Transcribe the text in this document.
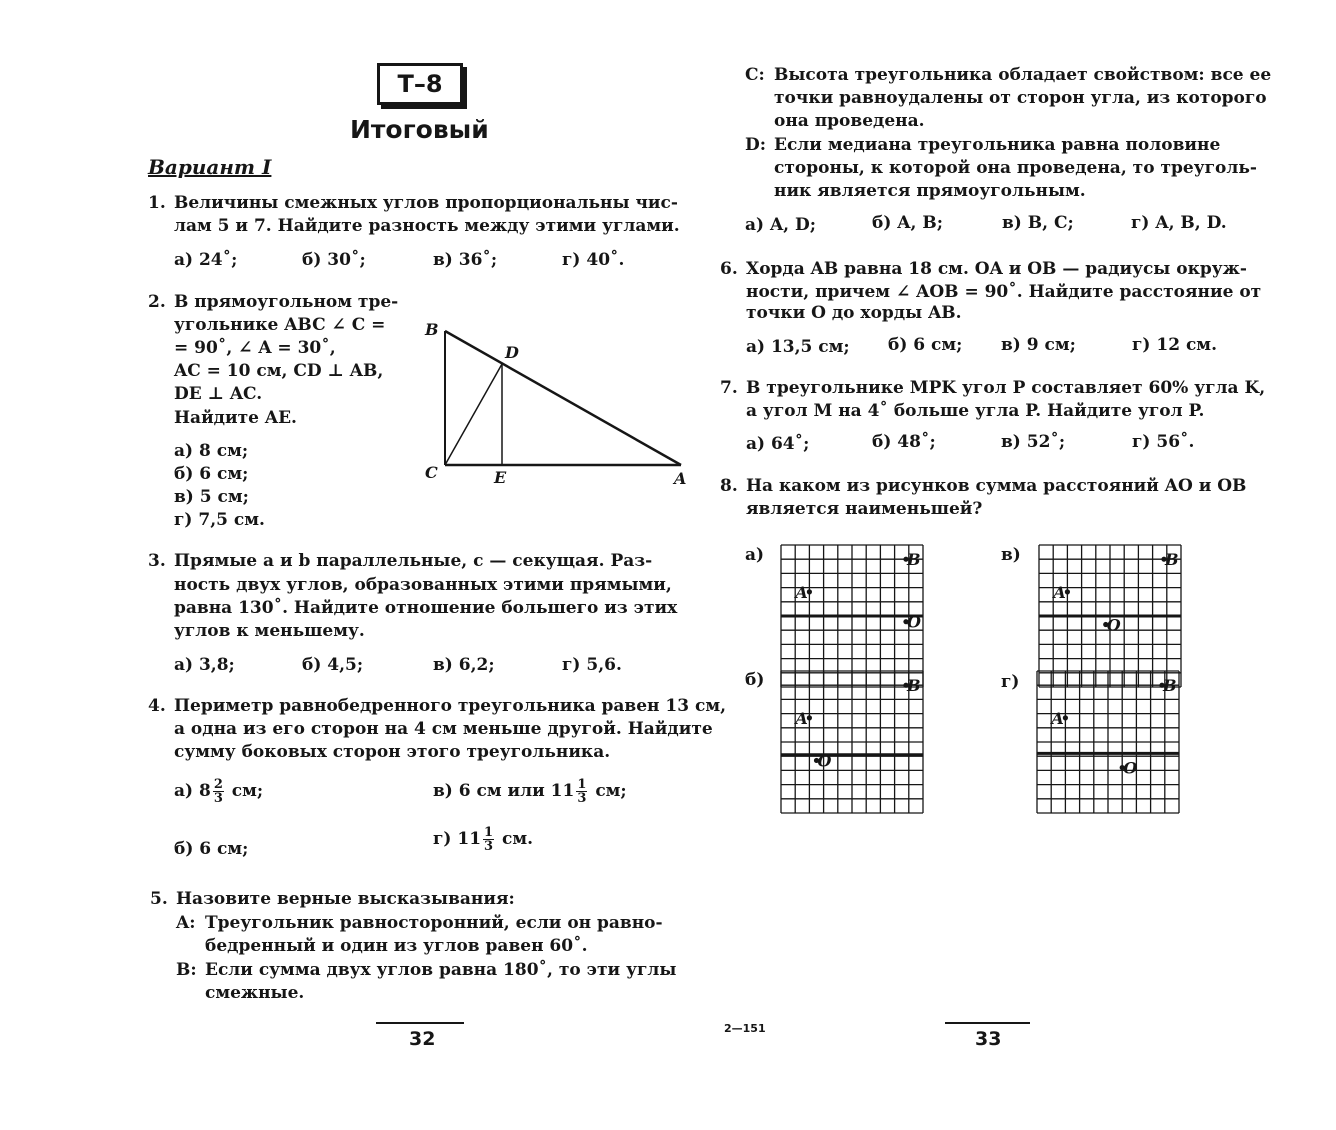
T–8
Итоговый
Вариант I
1. Величины смежных углов пропорциональны чис-
лам 5 и 7. Найдите разность между этими углами.
а) 24˚;	б) 30˚;	в) 36˚;	г) 40˚.
2. В прямоугольном тре-
угольнике ABC ∠ C =
= 90˚, ∠ A = 30˚,
AC = 10 см, CD ⊥ AB,
DE ⊥ AC.
Найдите AE.
а) 8 см;
б) 6 см;
в) 5 см;
г) 7,5 см.
B
D
C	E	A
3. Прямые a и b параллельные, c — секущая. Раз-
ность двух углов, образованных этими прямыми,
равна 130˚. Найдите отношение большего из этих
углов к меньшему.
а) 3,8;	б) 4,5;	в) 6,2;	г) 5,6.
4. Периметр равнобедренного треугольника равен 13 см,
а одна из его сторон на 4 см меньше другой. Найдите
сумму боковых сторон этого треугольника.
а) $8 \frac{2}{3}$ см;	в) 6 см или $11 \frac{1}{3}$ см;
б) 6 см;	г) $11 \frac{1}{3}$ см.
5. Назовите верные высказывания:
A: Треугольник равносторонний, если он равно-
бедренный и один из углов равен 60˚.
B: Если сумма двух углов равна 180˚, то эти углы
смежные.
C: Высота треугольника обладает свойством: все ее
точки равноудалены от сторон угла, из которого
она проведена.
D: Если медиана треугольника равна половине
стороны, к которой она проведена, то треуголь-
ник является прямоугольным.
а) A, D;	б) A, B;	в) B, C;	г) A, B, D.
6. Хорда AB равна 18 см. OA и OB — радиусы окруж-
ности, причем ∠ AOB = 90˚. Найдите расстояние от
точки O до хорды AB.
а) 13,5 см; б) 6 см; в) 9 см;	г) 12 см.
7. В треугольнике MPK угол P составляет 60% угла K,
а угол M на 4˚ больше угла P. Найдите угол P.
а) 64˚;	б) 48˚;	в) 52˚;	г) 56˚.
8. На каком из рисунков сумма расстояний AO и OB
является наименьшей?
а)	в)
б)	г)
A
B
O
A
B
O
A
B
O
A
B
O
32	2—151	33
